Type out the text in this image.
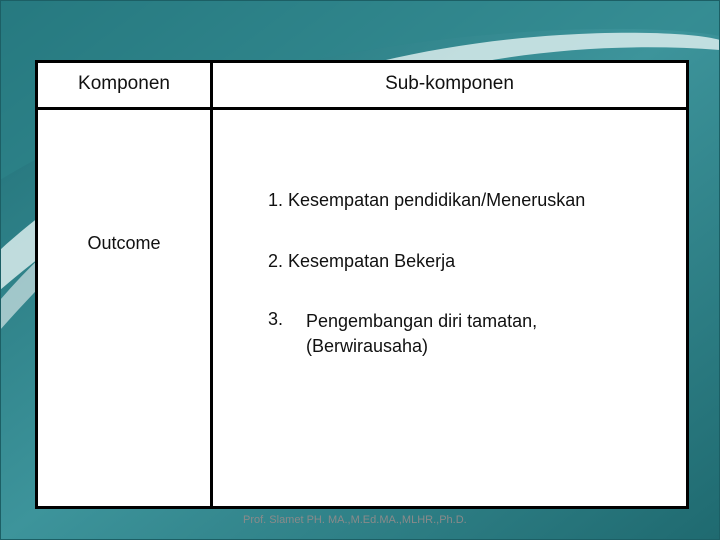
Komponen	Sub-komponen
Outcome
1. Kesempatan pendidikan/Meneruskan
2. Kesempatan Bekerja
3.	Pengembangan diri tamatan,
(Berwirausaha)
Prof. Slamet PH. MA.,M.Ed.MA.,MLHR.,Ph.D.
